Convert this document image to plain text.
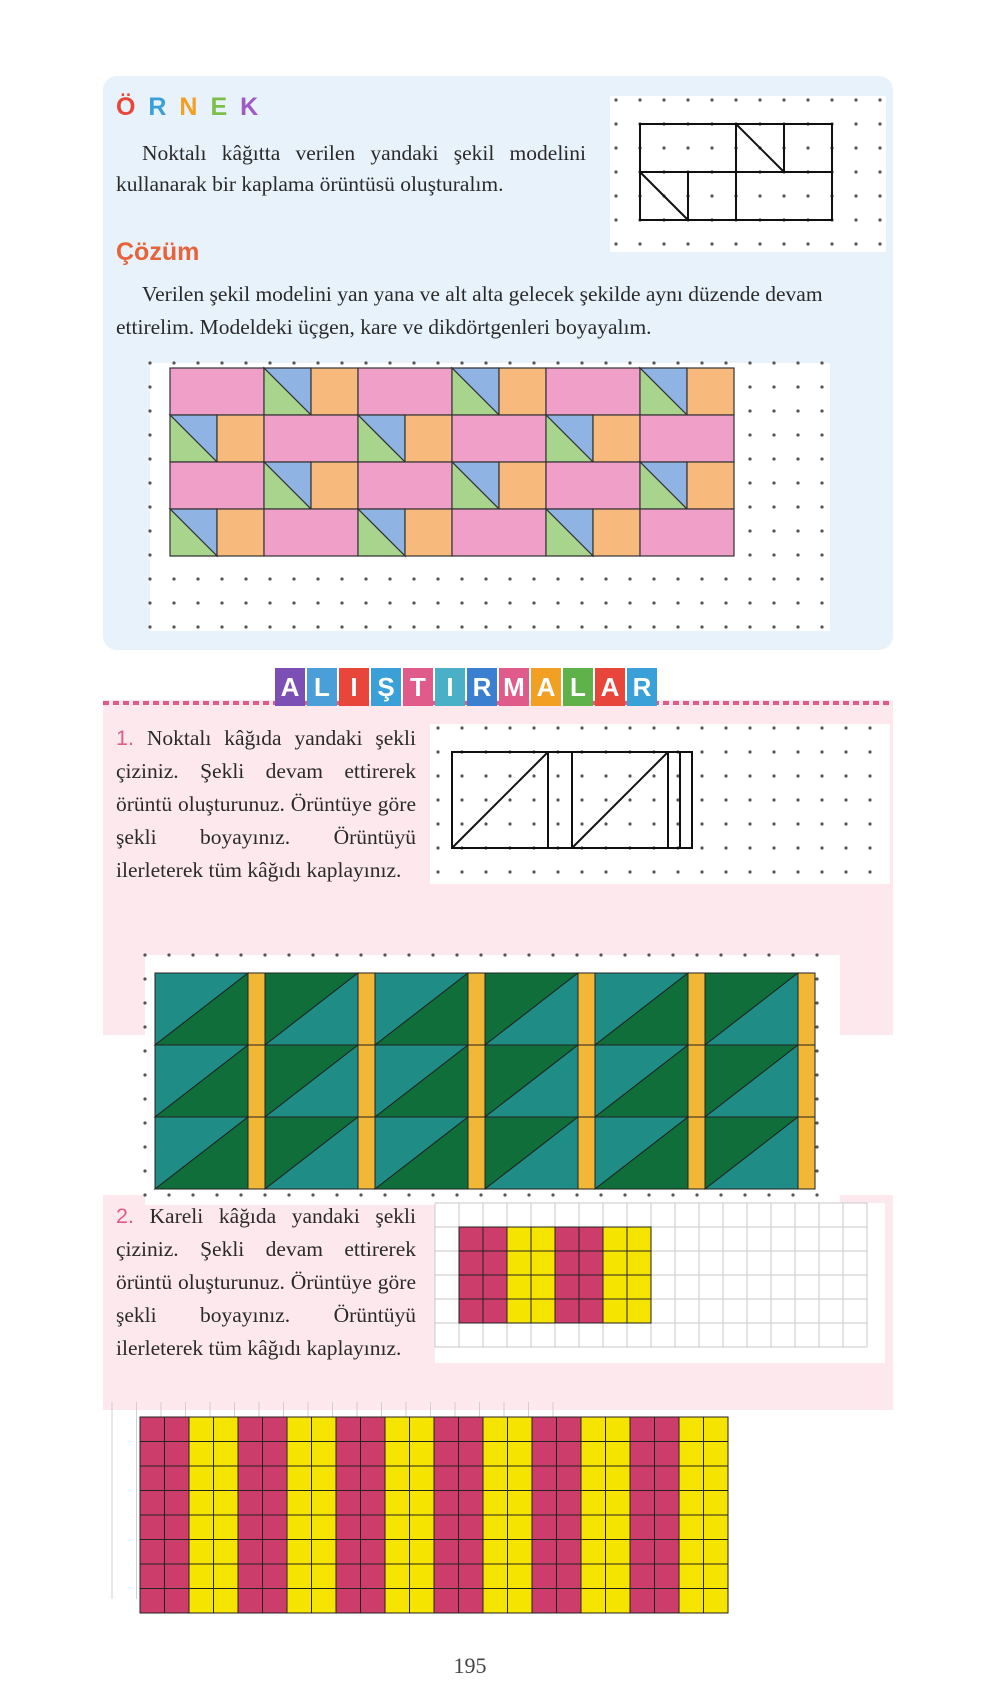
Ö R N E K

Noktalı kâğıtta verilen yandaki şekil modelini kullanarak bir kaplama örüntüsü oluşturalım.

Çözüm

Verilen şekil modelini yan yana ve alt alta gelecek şekilde aynı düzende devam ettirelim. Modeldeki üçgen, kare ve dikdörtgenleri boyayalım.

A L I Ş T I R M A L A R
1. Noktalı kâğıda yandaki şekli çiziniz. Şekli devam ettirerek örüntü oluşturunuz. Örüntüye göre şekli boyayınız. Örüntüyü ilerleterek tüm kâğıdı kaplayınız.
2. Kareli kâğıda yandaki şekli çiziniz. Şekli devam ettirerek örüntü oluşturunuz. Örüntüye göre şekli boyayınız. Örüntüyü ilerleterek tüm kâğıdı kaplayınız.
195
